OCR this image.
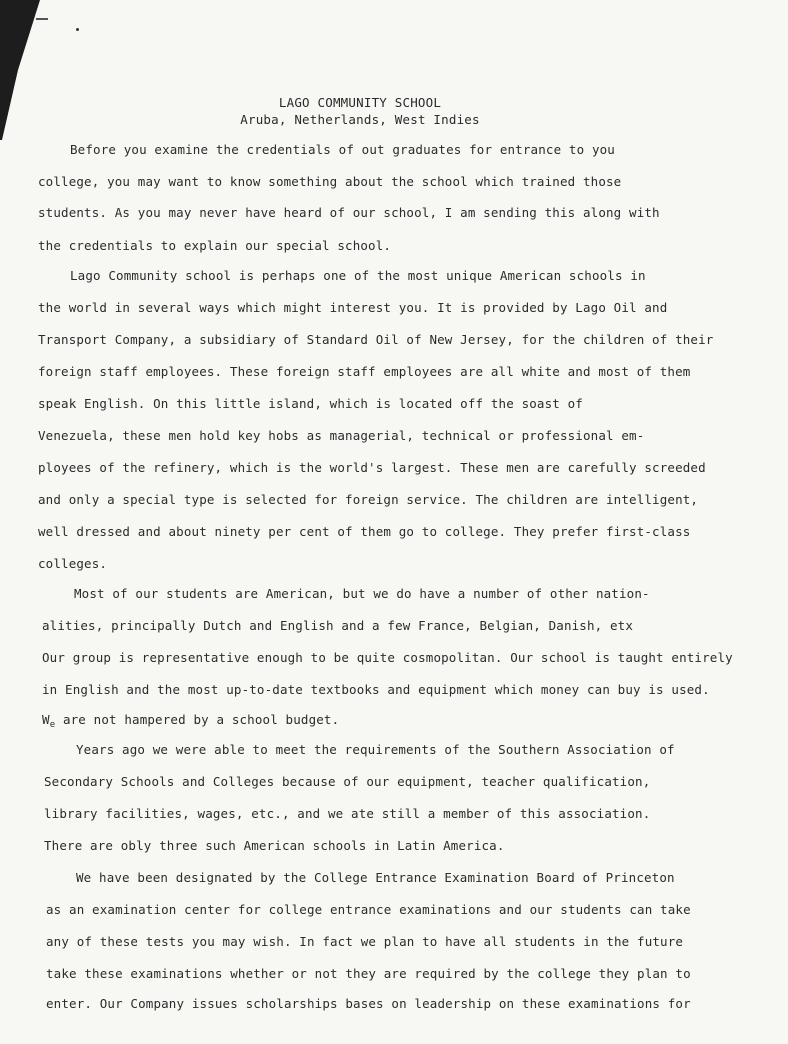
LAGO COMMUNITY SCHOOL
Aruba, Netherlands, West Indies
Before you examine the credentials of out graduates for entrance to you
college, you may want to know something about the school which trained those
students. As you may never have heard of our school, I am sending this along with
the credentials to explain our special school.
Lago Community school is perhaps one of the most unique American schools in
the world in several ways which might interest you. It is provided by Lago Oil and
Transport Company, a subsidiary of Standard Oil of New Jersey, for the children of their
foreign staff employees. These foreign staff employees are all white and most of them
speak English. On this little island, which is located off the soast of
Venezuela, these men hold key hobs as managerial, technical or professional em-
ployees of the refinery, which is the world's largest. These men are carefully screeded
and only a special type is selected for foreign service. The children are intelligent,
well dressed and about ninety per cent of them go to college. They prefer first-class
colleges.
Most of our students are American, but we do have a number of other nation-
alities, principally Dutch and English and a few France, Belgian, Danish, etx
Our group is representative enough to be quite cosmopolitan. Our school is taught entirely
in English and the most up-to-date textbooks and equipment which money can buy is used.
$W_e$ are not hampered by a school budget.
Years ago we were able to meet the requirements of the Southern Association of
Secondary Schools and Colleges because of our equipment, teacher qualification,
library facilities, wages, etc., and we ate still a member of this association.
There are obly three such American schools in Latin America.
We have been designated by the College Entrance Examination Board of Princeton
as an examination center for college entrance examinations and our students can take
any of these tests you may wish. In fact we plan to have all students in the future
take these examinations whether or not they are required by the college they plan to
enter. Our Company issues scholarships bases on leadership on these examinations for
